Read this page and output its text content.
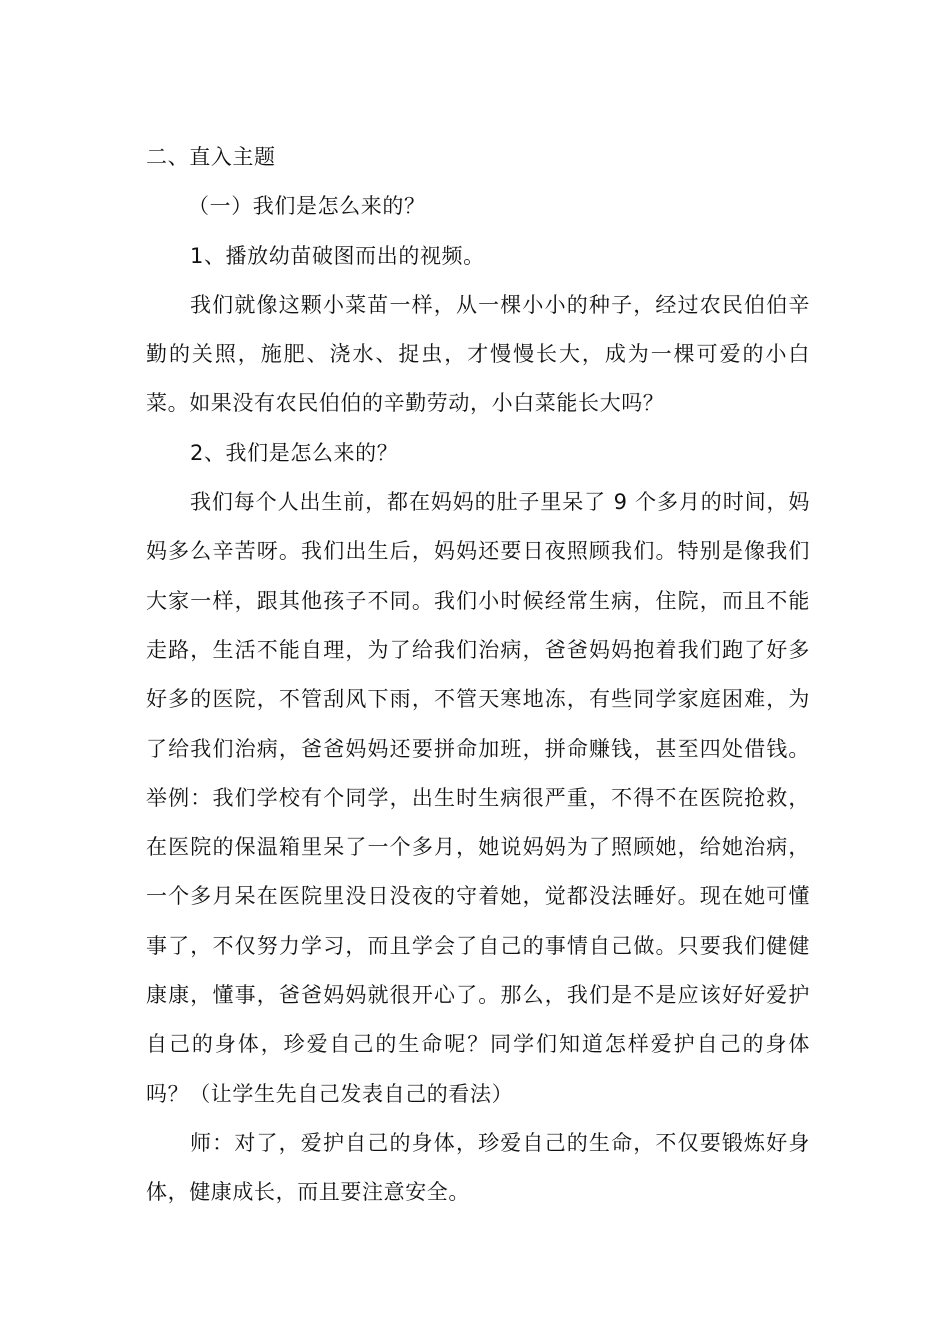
二、直入主题

（一）我们是怎么来的？

1、播放幼苗破图而出的视频。

我们就像这颗小菜苗一样，从一棵小小的种子，经过农民伯伯辛勤的关照，施肥、浇水、捉虫，才慢慢长大，成为一棵可爱的小白菜。如果没有农民伯伯的辛勤劳动，小白菜能长大吗？

2、我们是怎么来的？

我们每个人出生前，都在妈妈的肚子里呆了 9 个多月的时间，妈妈多么辛苦呀。我们出生后，妈妈还要日夜照顾我们。特别是像我们大家一样，跟其他孩子不同。我们小时候经常生病，住院，而且不能走路，生活不能自理，为了给我们治病，爸爸妈妈抱着我们跑了好多好多的医院，不管刮风下雨，不管天寒地冻，有些同学家庭困难，为了给我们治病，爸爸妈妈还要拼命加班，拼命赚钱，甚至四处借钱。举例：我们学校有个同学，出生时生病很严重，不得不在医院抢救，在医院的保温箱里呆了一个多月，她说妈妈为了照顾她，给她治病，一个多月呆在医院里没日没夜的守着她，觉都没法睡好。现在她可懂事了，不仅努力学习，而且学会了自己的事情自己做。只要我们健健康康，懂事，爸爸妈妈就很开心了。那么，我们是不是应该好好爱护自己的身体，珍爱自己的生命呢？同学们知道怎样爱护自己的身体吗？（让学生先自己发表自己的看法）

师：对了，爱护自己的身体，珍爱自己的生命，不仅要锻炼好身体，健康成长，而且要注意安全。
